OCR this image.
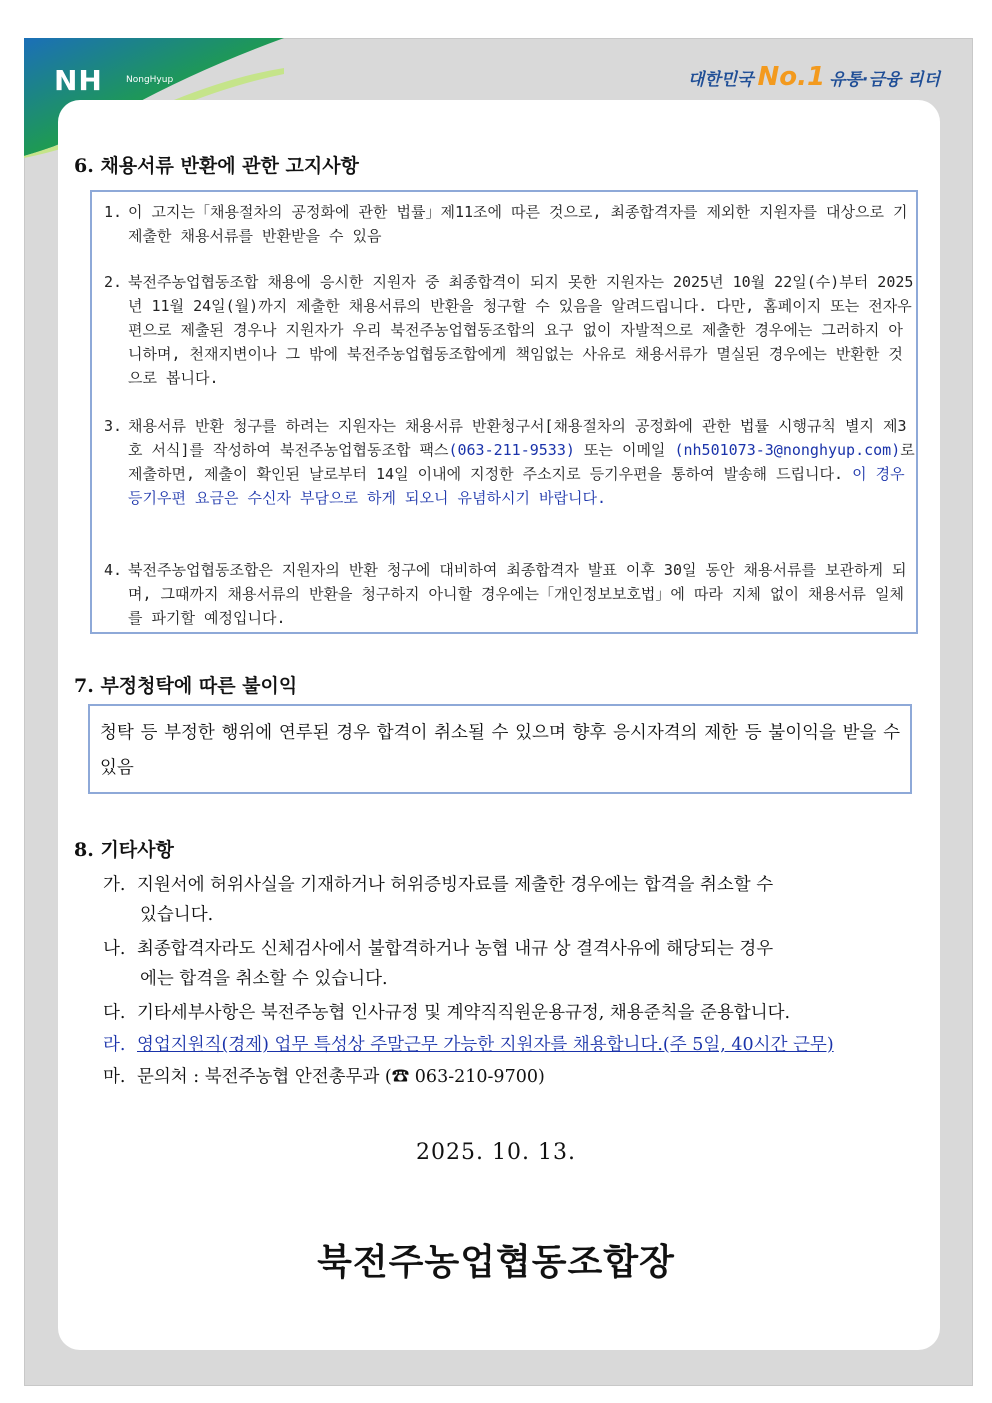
NH	NongHyup	대한민국 No.1 유통·금융 리더
6. 채용서류 반환에 관한 고지사항
1. 이 고지는「채용절차의 공정화에 관한 법률」제11조에 따른 것으로, 최종합격자를 제외한 지원자를 대상으로 기 제출한 채용서류를 반환받을 수 있음
2. 북전주농업협동조합 채용에 응시한 지원자 중 최종합격이 되지 못한 지원자는 2025년 10월 22일(수)부터 2025년 11월 24일(월)까지 제출한 채용서류의 반환을 청구할 수 있음을 알려드립니다. 다만, 홈페이지 또는 전자우편으로 제출된 경우나 지원자가 우리 북전주농업협동조합의 요구 없이 자발적으로 제출한 경우에는 그러하지 아니하며, 천재지변이나 그 밖에 북전주농업협동조합에게 책임없는 사유로 채용서류가 멸실된 경우에는 반환한 것으로 봅니다.
3. 채용서류 반환 청구를 하려는 지원자는 채용서류 반환청구서[채용절차의 공정화에 관한 법률 시행규칙 별지 제3호 서식]를 작성하여 북전주농업협동조합 팩스(063-211-9533) 또는 이메일 (nh501073-3@nonghyup.com)로 제출하면, 제출이 확인된 날로부터 14일 이내에 지정한 주소지로 등기우편을 통하여 발송해 드립니다. 이 경우 등기우편 요금은 수신자 부담으로 하게 되오니 유념하시기 바랍니다.
4. 북전주농업협동조합은 지원자의 반환 청구에 대비하여 최종합격자 발표 이후 30일 동안 채용서류를 보관하게 되며, 그때까지 채용서류의 반환을 청구하지 아니할 경우에는「개인정보보호법」에 따라 지체 없이 채용서류 일체를 파기할 예정입니다.
7. 부정청탁에 따른 불이익
청탁 등 부정한 행위에 연루된 경우 합격이 취소될 수 있으며 향후 응시자격의 제한 등 불이익을 받을 수 있음
8. 기타사항
가. 지원서에 허위사실을 기재하거나 허위증빙자료를 제출한 경우에는 합격을 취소할 수
있습니다.
나. 최종합격자라도 신체검사에서 불합격하거나 농협 내규 상 결격사유에 해당되는 경우
에는 합격을 취소할 수 있습니다.
다. 기타세부사항은 북전주농협 인사규정 및 계약직직원운용규정, 채용준칙을 준용합니다.
라. 영업지원직(경제) 업무 특성상 주말근무 가능한 지원자를 채용합니다.(주 5일, 40시간 근무)
마. 문의처 : 북전주농협 안전총무과 (☎ 063-210-9700)
2025. 10. 13.
북전주농업협동조합장
